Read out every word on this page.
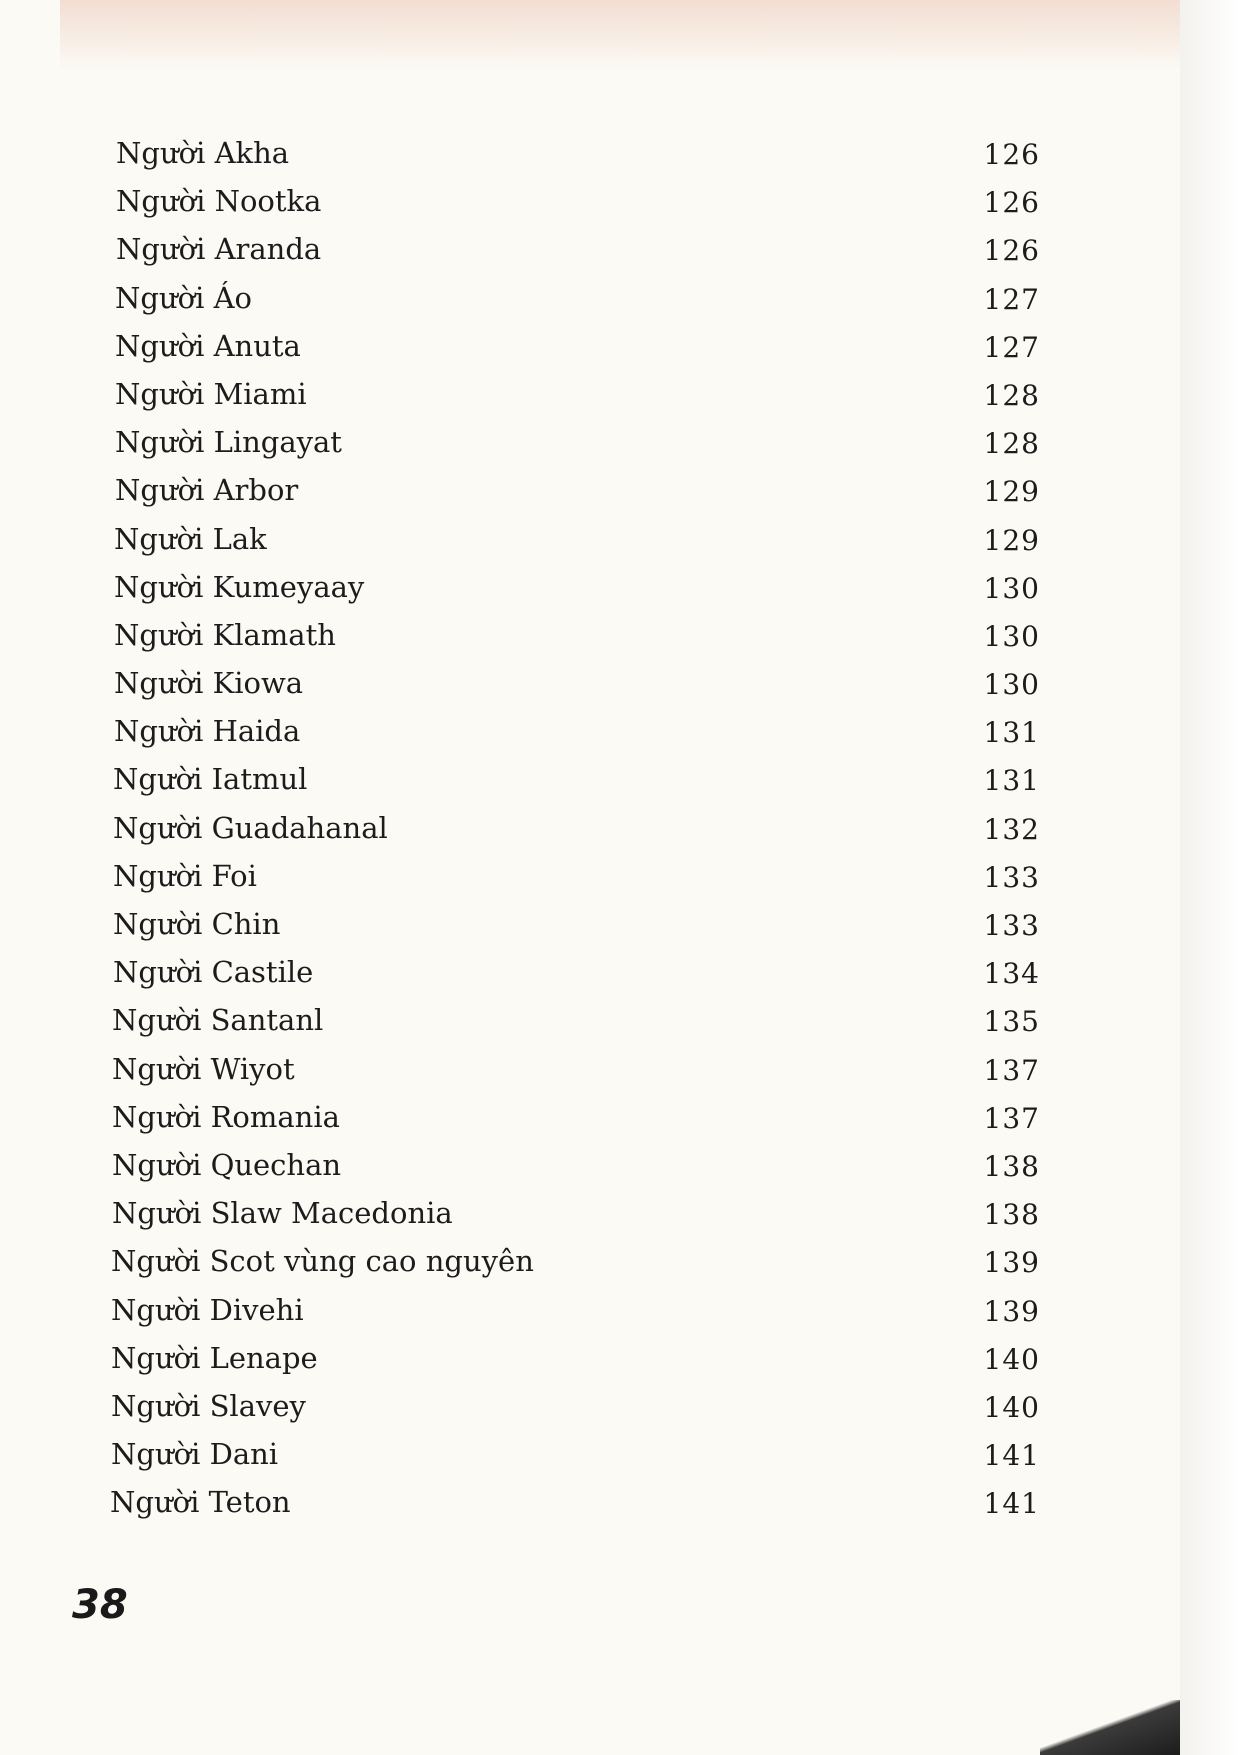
Người Akha	126
Người Nootka	126
Người Aranda	126
Người Áo	127
Người Anuta	127
Người Miami	128
Người Lingayat	128
Người Arbor	129
Người Lak	129
Người Kumeyaay	130
Người Klamath	130
Người Kiowa	130
Người Haida	131
Người Iatmul	131
Người Guadahanal	132
Người Foi	133
Người Chin	133
Người Castile	134
Người Santanl	135
Người Wiyot	137
Người Romania	137
Người Quechan	138
Người Slaw Macedonia	138
Người Scot vùng cao nguyên	139
Người Divehi	139
Người Lenape	140
Người Slavey	140
Người Dani	141
Người Teton	141
38
